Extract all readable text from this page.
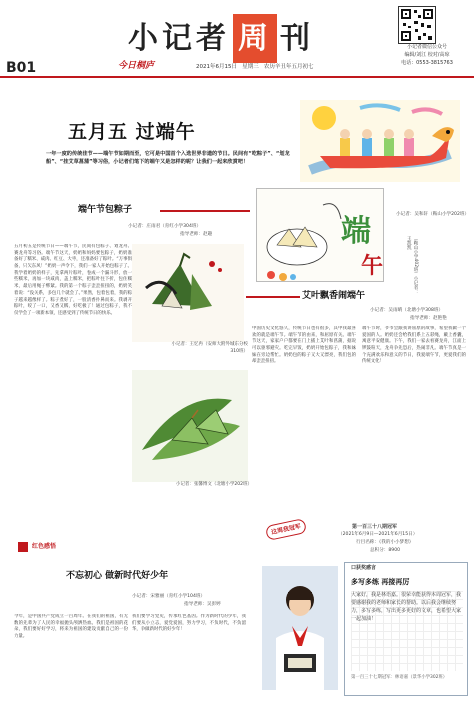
小记者微信公众号
编辑/刘江 校对/高琼
电话：0553-3815763
小记者 周 刊
B01	今日桐庐	2021年6月15日 星期三 农历辛丑年五月初七
五月五 过端午
一年一度的传统佳节——端午节如期而至，它可是中国首个入选世界非遗的节日。民间有“吃粽子”、“划龙船”、“挂艾草菖蒲”等习俗，小记者们笔下的端午又是怎样的呢？让我们一起来欣赏吧！
端午节包粽子
小记者：庄雨君（育红小学304班）
指导老师：赵趣
五月初五是传统节日——端午节，民间有包粽子、划龙舟、赛龙舟等习俗。端午节这天，奶奶和妈妈要包粽子，奶奶准备好了糯米、咸肉、红豆、大枣，还准备好了粽叶。“万事俱备，只欠东风！”奶奶一声令下，我们一家人开始包粽子了。我学着奶奶的样子，先拿两片粽叶，卷成一个漏斗形，放一些糯米，再加一块咸肉，盖上糯米，把粽叶往下折，包住糯米，最后用绳子绑紧。我的第一个粽子歪歪扭扭的，奶奶笑着说：“没关系，多包几个就会了。”果然，包着包着，我的粽子越来越像样了。粽子煮好了，一股清香扑鼻而来。我剥开粽叶，咬了一口，又香又糯，好吃极了！通过包粽子，我不仅学会了一项新本领，还感受到了传统节日的快乐。
小记者：王忆冉（安师大附外城东分校310班）
小记者：张馨博文（北塘小学202班）
小记者：吴和轩（鞍山小学202班）
端
午	（鞍山小学402班）小记者：王凯凯
艾叶飘香闹端午
小记者：吴雨晴（北塘小学308班）
指导老师：赵艳艳
中国历史文化悠久，传统节日也有很多，其中我最喜欢的就是端午节。端午节的由来，和屈原有关。端午节这天，家家户户都要在门上插上艾叶和菖蒲，据说可以驱邪避灾。吃完早饭，奶奶开始包粽子，我和妹妹在旁边帮忙。奶奶包的粽子又大又漂亮，我们包的却歪歪扭扭。
端午节时，爷爷会跟我讲屈原的故事，希望我做一个爱国的人。奶奶还会给我们系上五彩绳，戴上香囊，寓意平安健康。下午，我们一家去看赛龙舟，江面上锣鼓喧天，龙舟争先恐后，热闹非凡。端午节真是一个充满欢乐和意义的节日，我爱端午节，更爱我们的传统文化！
红色感悟
不忘初心 做新时代好少年
小记者：宋雅丽（育红小学104班）
指导老师：吴彭婷
今年，是中国共产党成立一百周年。在我们的祖国，有无数的先辈为了人民的幸福抛头颅洒热血。我们是祖国的花朵，我们要好好学习，将来为祖国的建设贡献自己的一份力量。
我们要学习党史，传承红色基因。作为新时代的少年，我们要从小立志，爱党爱国，努力学习，不负时代，不负韶华，争做新时代的好少年！
这周我冠军	第一百三十八期冠军
（2021年6月9日—2021年6月15日）
行目名称：《我的小小梦想》
总积分：8900
口获奖感言
多写多练 再接再厉
大家好，我是林语嘉。很荣幸能获得本周冠军，我要感谢我的老师和家长的帮助。以后我会继续努力，多写多练，写出更多更好的文章，也希望大家一起加油！
第一百三十七期冠军：林语嘉（景华小学302班）
